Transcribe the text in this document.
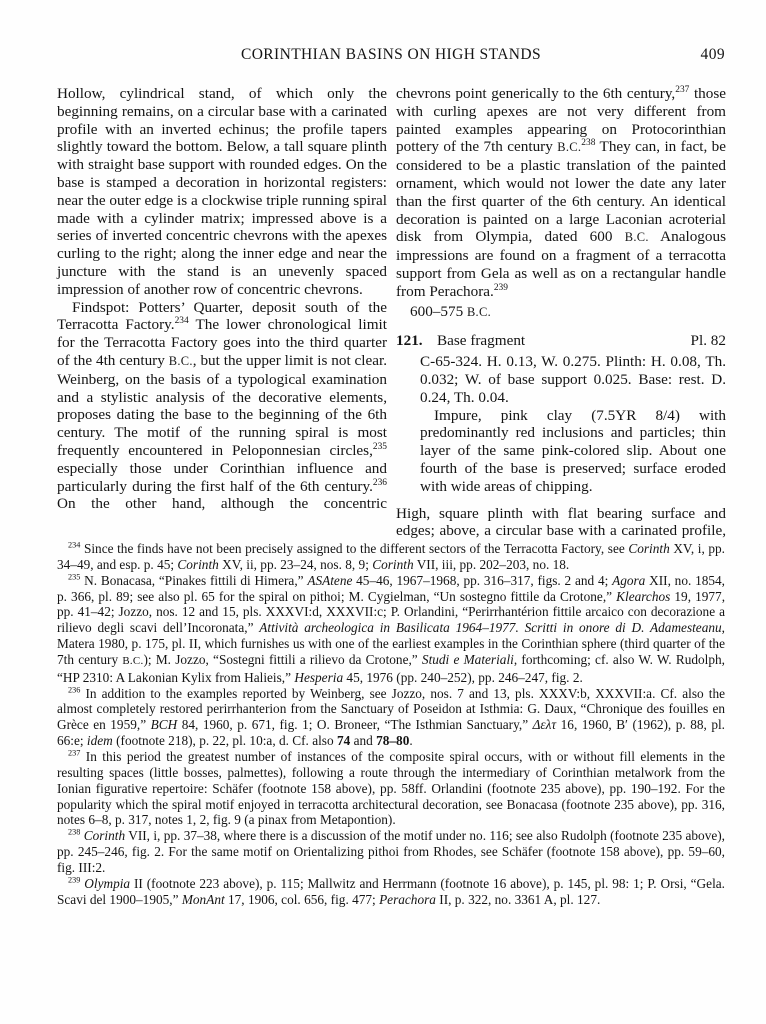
CORINTHIAN BASINS ON HIGH STANDS	409

Hollow, cylindrical stand, of which only the beginning remains, on a circular base with a carinated profile with an inverted echinus; the profile tapers slightly toward the bottom. Below, a tall square plinth with straight base support with rounded edges. On the base is stamped a decoration in horizontal registers: near the outer edge is a clockwise triple running spiral made with a cylinder matrix; impressed above is a series of inverted concentric chevrons with the apexes curling to the right; along the inner edge and near the juncture with the stand is an unevenly spaced impression of another row of concentric chevrons.

Findspot: Potters’ Quarter, deposit south of the Terracotta Factory.$^{234}$ The lower chronological limit for the Terracotta Factory goes into the third quarter of the 4th century B.C., but the upper limit is not clear. Weinberg, on the basis of a typological examination and a stylistic analysis of the decorative elements, proposes dating the base to the beginning of the 6th century. The motif of the running spiral is most frequently encountered in Peloponnesian circles,$^{235}$ especially those under Corinthian influence and particularly during the first half of the 6th century.$^{236}$ On the other hand, although the concentric

chevrons point generically to the 6th century,$^{237}$ those with curling apexes are not very different from painted examples appearing on Protocorinthian pottery of the 7th century B.C.$^{238}$ They can, in fact, be considered to be a plastic translation of the painted ornament, which would not lower the date any later than the first quarter of the 6th century. An identical decoration is painted on a large Laconian acroterial disk from Olympia, dated 600 B.C. Analogous impressions are found on a fragment of a terracotta support from Gela as well as on a rectangular handle from Perachora.$^{239}$

600–575 B.C.

121. Base fragment	Pl. 82

C-65-324. H. 0.13, W. 0.275. Plinth: H. 0.08, Th. 0.032; W. of base support 0.025. Base: rest. D. 0.24, Th. 0.04.

Impure, pink clay (7.5YR 8/4) with predominantly red inclusions and particles; thin layer of the same pink-colored slip. About one fourth of the base is preserved; surface eroded with wide areas of chipping.

High, square plinth with flat bearing surface and edges; above, a circular base with a carinated profile,

$^{234}$ Since the finds have not been precisely assigned to the different sectors of the Terracotta Factory, see Corinth XV, i, pp. 34–49, and esp. p. 45; Corinth XV, ii, pp. 23–24, nos. 8, 9; Corinth VII, iii, pp. 202–203, no. 18.

$^{235}$ N. Bonacasa, “Pinakes fittili di Himera,” ASAtene 45–46, 1967–1968, pp. 316–317, figs. 2 and 4; Agora XII, no. 1854, p. 366, pl. 89; see also pl. 65 for the spiral on pithoi; M. Cygielman, “Un sostegno fittile da Crotone,” Klearchos 19, 1977, pp. 41–42; Jozzo, nos. 12 and 15, pls. XXXVI:d, XXXVII:c; P. Orlandini, “Perirrhantérion fittile arcaico con decorazione a rilievo degli scavi dell’Incoronata,” Attività archeologica in Basilicata 1964–1977. Scritti in onore di D. Adamesteanu, Matera 1980, p. 175, pl. II, which furnishes us with one of the earliest examples in the Corinthian sphere (third quarter of the 7th century B.C.); M. Jozzo, “Sostegni fittili a rilievo da Crotone,” Studi e Materiali, forthcoming; cf. also W. W. Rudolph, “HP 2310: A Lakonian Kylix from Halieis,” Hesperia 45, 1976 (pp. 240–252), pp. 246–247, fig. 2.

$^{236}$ In addition to the examples reported by Weinberg, see Jozzo, nos. 7 and 13, pls. XXXV:b, XXXVII:a. Cf. also the almost completely restored perirrhanterion from the Sanctuary of Poseidon at Isthmia: G. Daux, “Chronique des fouilles en Grèce en 1959,” BCH 84, 1960, p. 671, fig. 1; O. Broneer, “The Isthmian Sanctuary,” Δελτ 16, 1960, Β′ (1962), p. 88, pl. 66:e; idem (footnote 218), p. 22, pl. 10:a, d. Cf. also 74 and 78–80.

$^{237}$ In this period the greatest number of instances of the composite spiral occurs, with or without fill elements in the resulting spaces (little bosses, palmettes), following a route through the intermediary of Corinthian metalwork from the Ionian figurative repertoire: Schäfer (footnote 158 above), pp. 58ff. Orlandini (footnote 235 above), pp. 190–192. For the popularity which the spiral motif enjoyed in terracotta architectural decoration, see Bonacasa (footnote 235 above), pp. 316, notes 6–8, p. 317, notes 1, 2, fig. 9 (a pinax from Metapontion).

$^{238}$ Corinth VII, i, pp. 37–38, where there is a discussion of the motif under no. 116; see also Rudolph (footnote 235 above), pp. 245–246, fig. 2. For the same motif on Orientalizing pithoi from Rhodes, see Schäfer (footnote 158 above), pp. 59–60, fig. III:2.

$^{239}$ Olympia II (footnote 223 above), p. 115; Mallwitz and Herrmann (footnote 16 above), p. 145, pl. 98: 1; P. Orsi, “Gela. Scavi del 1900–1905,” MonAnt 17, 1906, col. 656, fig. 477; Perachora II, p. 322, no. 3361 A, pl. 127.
